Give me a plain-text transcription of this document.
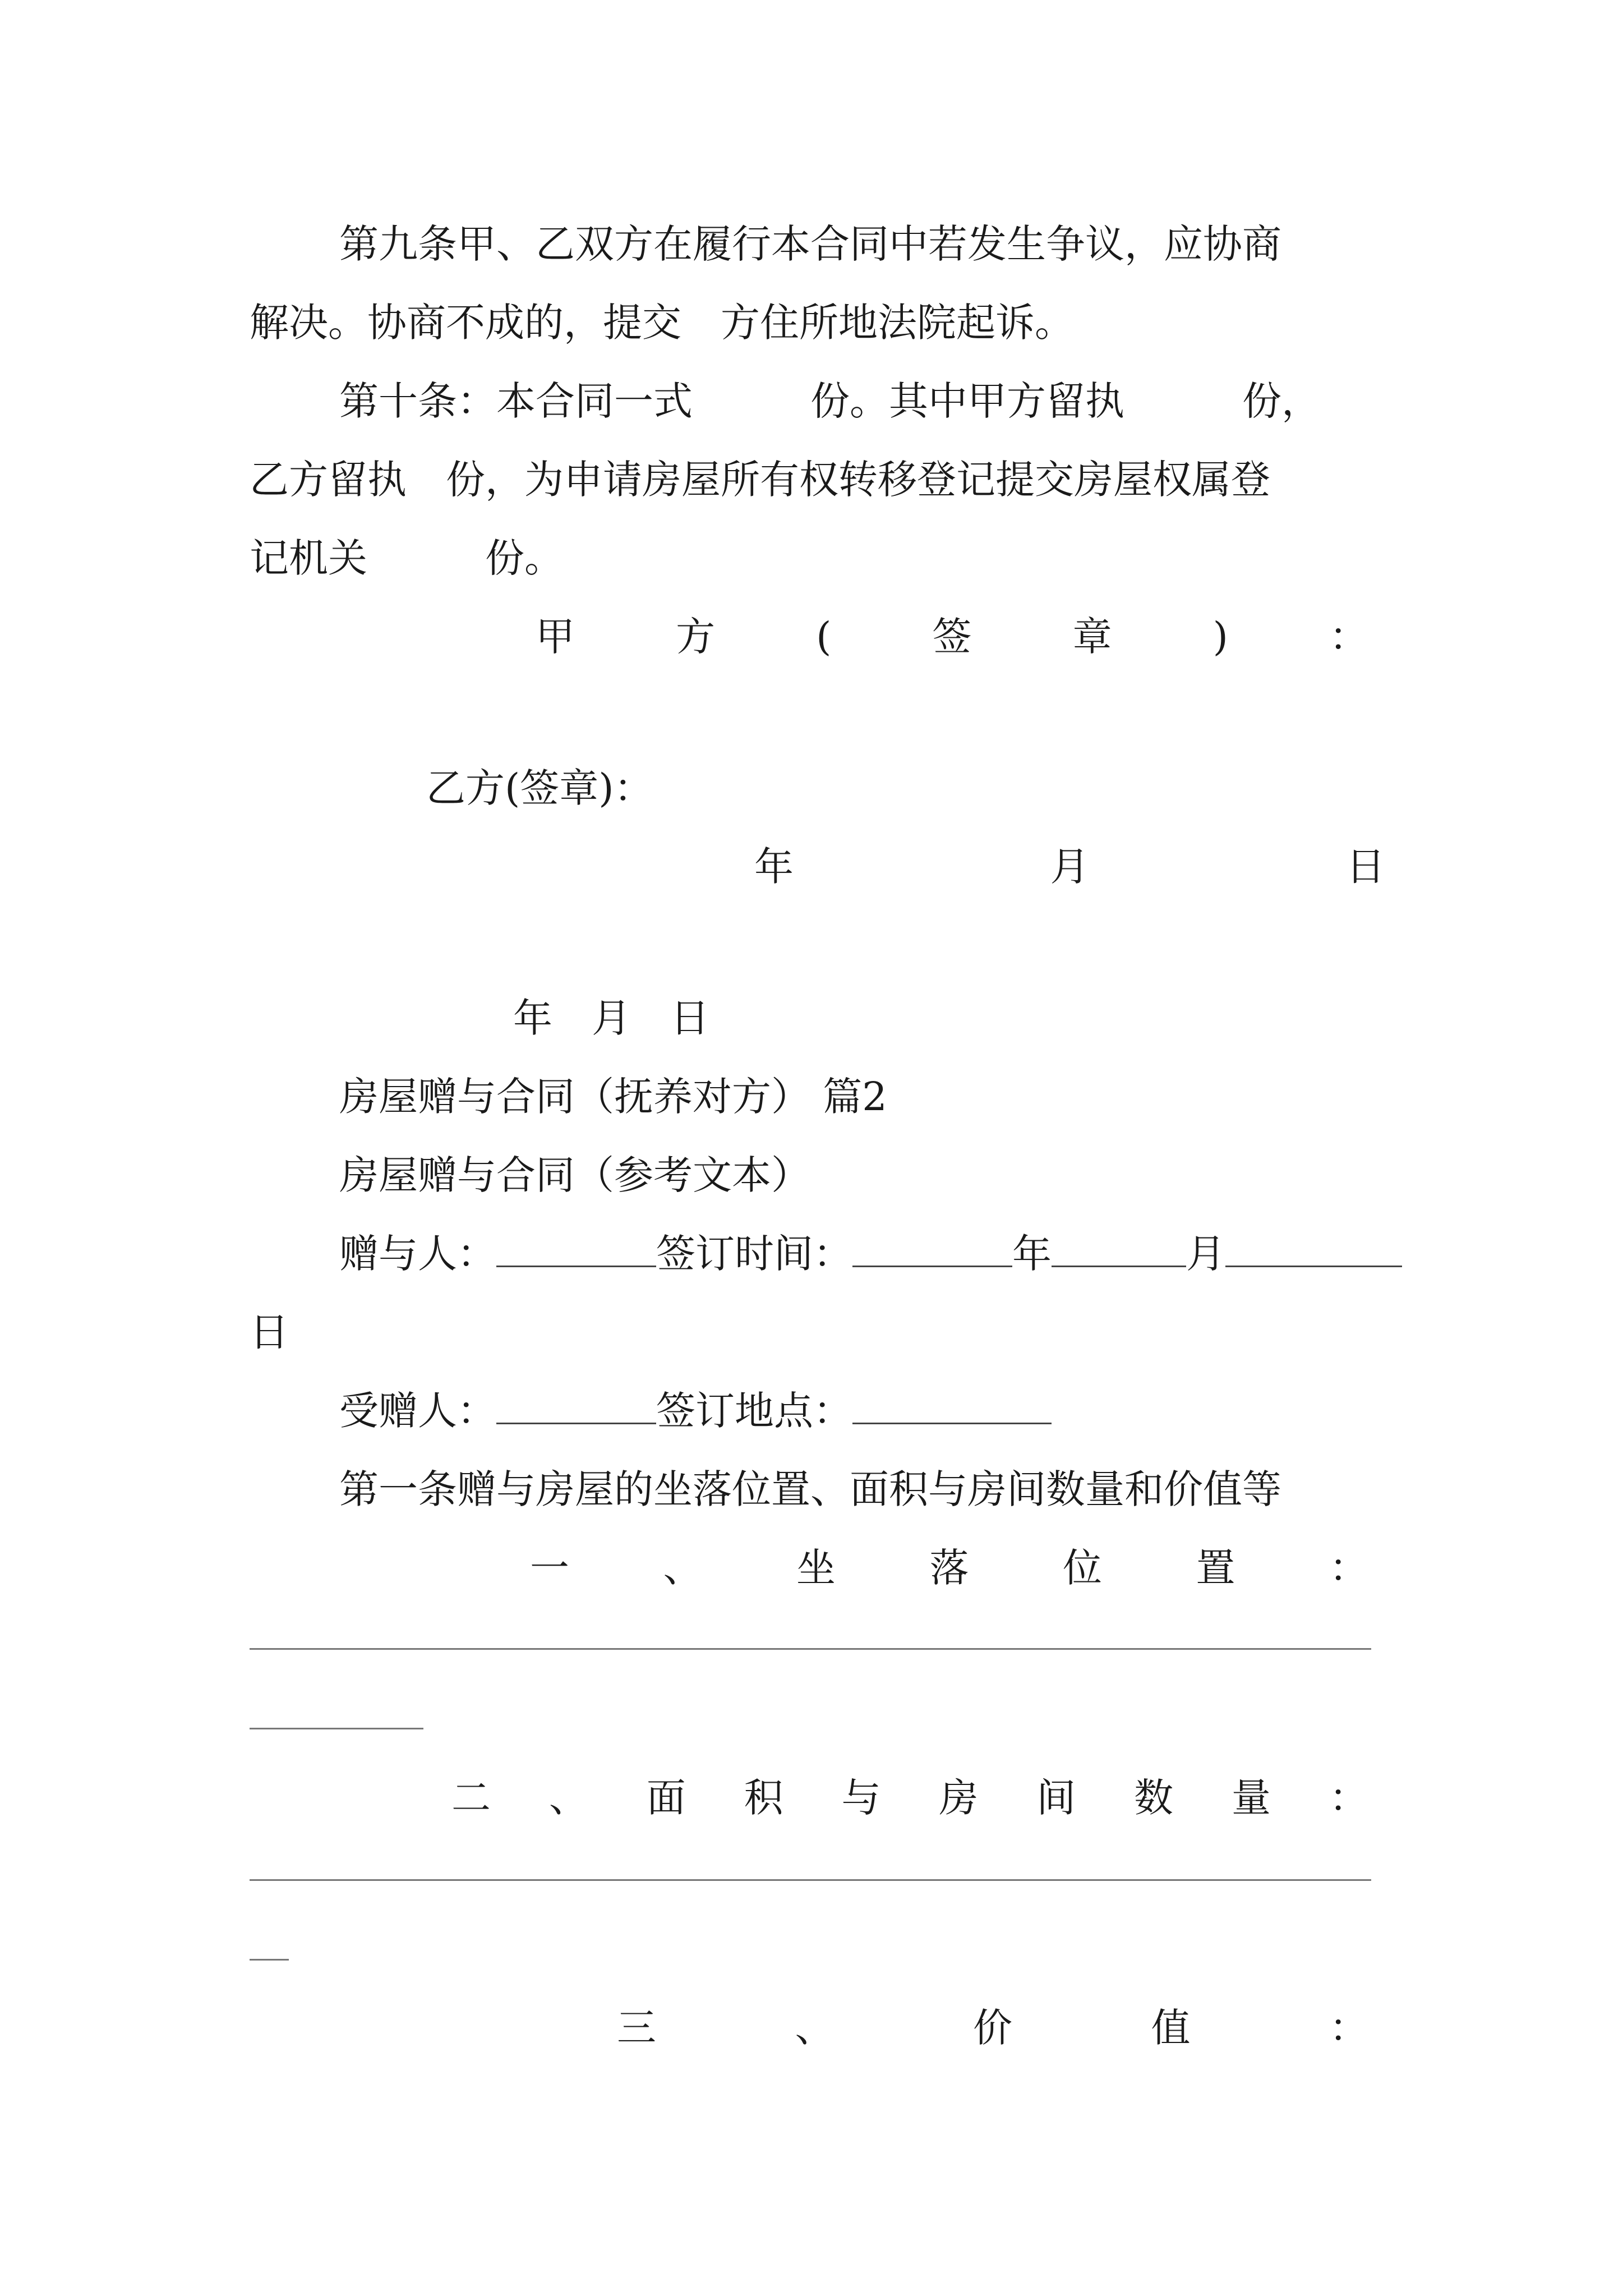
第九条甲、乙双方在履行本合同中若发生争议，应协商
解决。协商不成的，提交　方住所地法院起诉。
第十条：本合同一式　　　份。其中甲方留执　　　份，
乙方留执　份，为申请房屋所有权转移登记提交房屋权属登
记机关　　　份。
甲	方	(	签	章	)	：
乙方(签章)：
年	月	日
年　月　日
房屋赠与合同（抚养对方） 篇2
房屋赠与合同（参考文本）
赠与人：	签订时间：	年	月
日
受赠人：	签订地点：
第一条赠与房屋的坐落位置、面积与房间数量和价值等
一 、 坐 落 位 置 ：
二 、 面 积 与 房 间 数 量 ：
三	、	价	值	：
